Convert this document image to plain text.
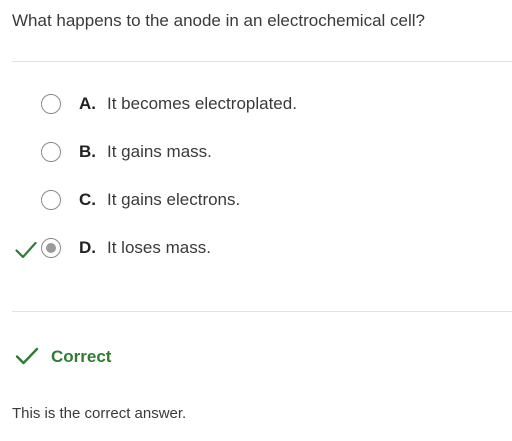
What happens to the anode in an electrochemical cell?
A. It becomes electroplated.
B. It gains mass.
C. It gains electrons.
D. It loses mass.
Correct
This is the correct answer.
